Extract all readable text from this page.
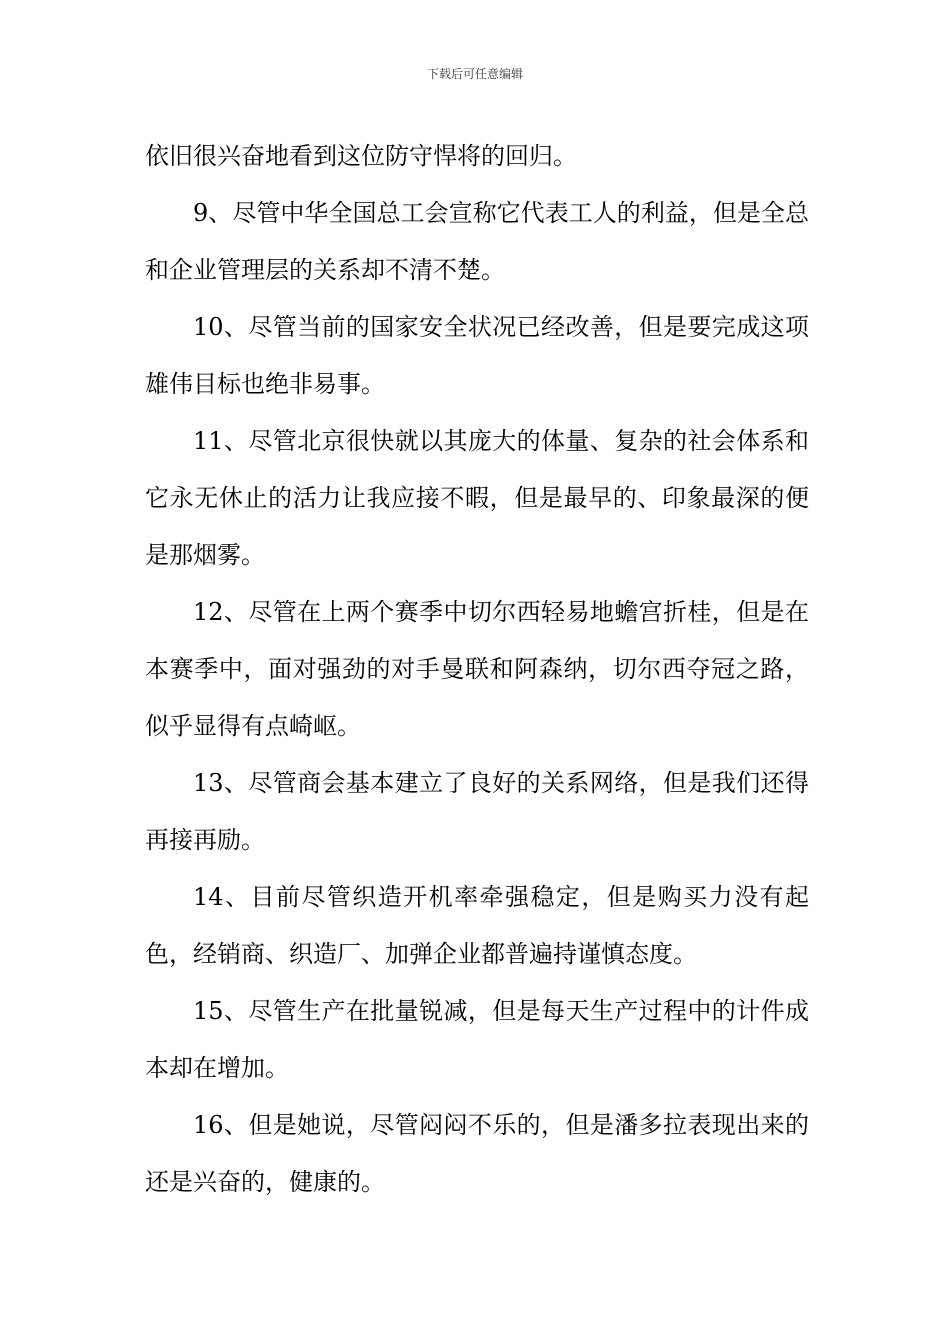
下载后可任意编辑

依旧很兴奋地看到这位防守悍将的回归。

9、尽管中华全国总工会宣称它代表工人的利益，但是全总和企业管理层的关系却不清不楚。

10、尽管当前的国家安全状况已经改善，但是要完成这项雄伟目标也绝非易事。

11、尽管北京很快就以其庞大的体量、复杂的社会体系和它永无休止的活力让我应接不暇，但是最早的、印象最深的便是那烟雾。

12、尽管在上两个赛季中切尔西轻易地蟾宫折桂，但是在本赛季中，面对强劲的对手曼联和阿森纳，切尔西夺冠之路，似乎显得有点崎岖。

13、尽管商会基本建立了良好的关系网络，但是我们还得再接再励。

14、目前尽管织造开机率牵强稳定，但是购买力没有起色，经销商、织造厂、加弹企业都普遍持谨慎态度。

15、尽管生产在批量锐减，但是每天生产过程中的计件成本却在增加。

16、但是她说，尽管闷闷不乐的，但是潘多拉表现出来的还是兴奋的，健康的。
